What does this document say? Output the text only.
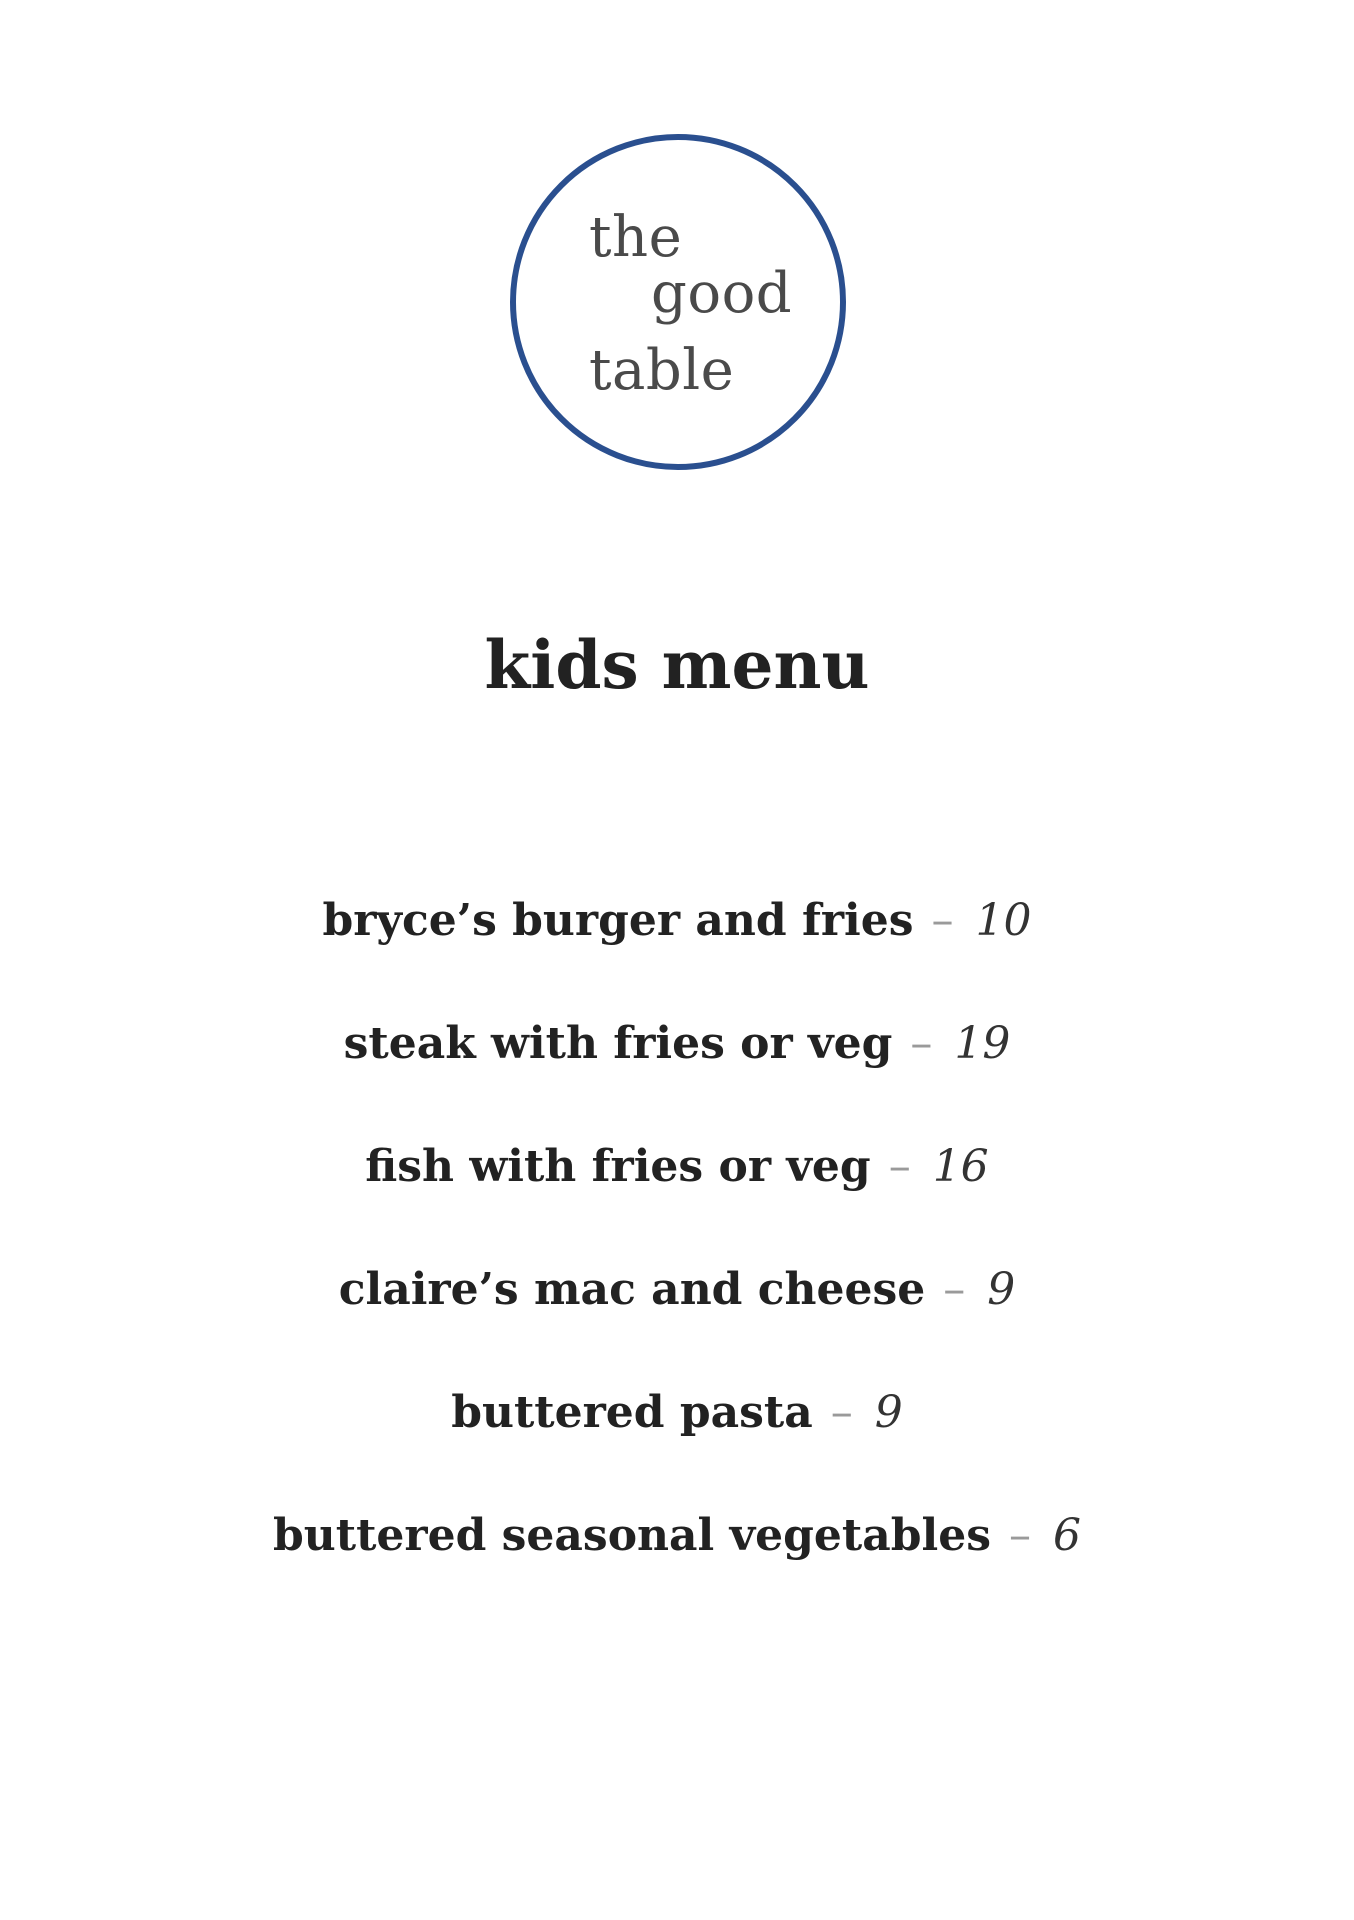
the
good
table
kids menu
bryce’s burger and fries – 10
steak with fries or veg – 19
fish with fries or veg – 16
claire’s mac and cheese – 9
buttered pasta – 9
buttered seasonal vegetables – 6
